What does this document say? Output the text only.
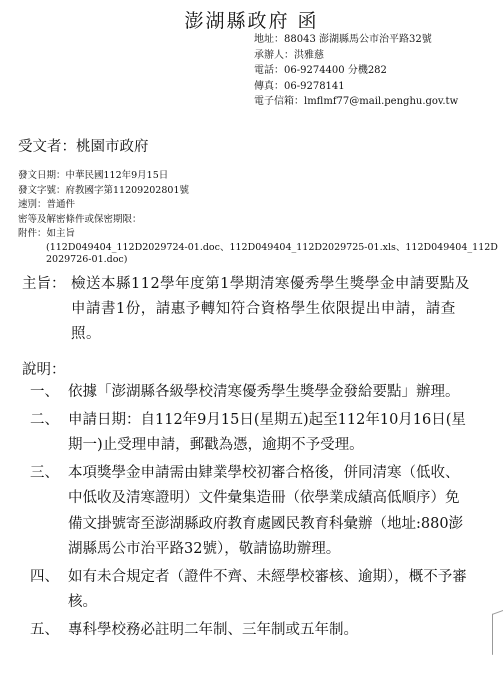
澎湖縣政府 函
地址：88043 澎湖縣馬公市治平路32號
承辦人：洪雅慈
電話：06-9274400 分機282
傳真：06-9278141
電子信箱：lmflmf77@mail.penghu.gov.tw
受文者：桃園市政府
發文日期：中華民國112年9月15日
發文字號：府教國字第11209202801號
速別：普通件
密等及解密條件或保密期限：
附件：如主旨
(112D049404_112D2029724-01.doc、112D049404_112D2029725-01.xls、112D049404_112D2029726-01.doc)
主旨： 檢送本縣112學年度第1學期清寒優秀學生獎學金申請要點及申請書1份，請惠予轉知符合資格學生依限提出申請，請查照。
說明：
一、 依據「澎湖縣各級學校清寒優秀學生獎學金發給要點」辦理。
二、 申請日期：自112年9月15日(星期五)起至112年10月16日(星期一)止受理申請，郵戳為憑，逾期不予受理。
三、 本項獎學金申請需由肄業學校初審合格後，併同清寒（低收、中低收及清寒證明）文件彙集造冊（依學業成績高低順序）免備文掛號寄至澎湖縣政府教育處國民教育科彙辦（地址:880澎湖縣馬公市治平路32號），敬請協助辦理。
四、 如有未合規定者（證件不齊、未經學校審核、逾期），概不予審核。
五、 專科學校務必註明二年制、三年制或五年制。
